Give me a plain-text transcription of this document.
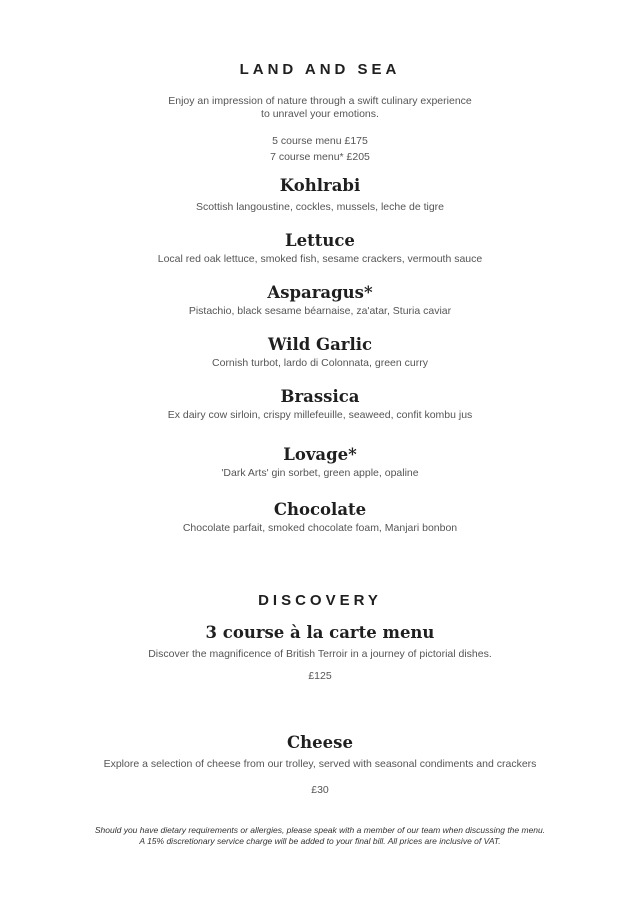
LAND AND SEA

Enjoy an impression of nature through a swift culinary experience

to unravel your emotions.

5 course menu £175

7 course menu* £205

Kohlrabi

Scottish langoustine, cockles, mussels, leche de tigre

Lettuce

Local red oak lettuce, smoked fish, sesame crackers, vermouth sauce

Asparagus*

Pistachio, black sesame béarnaise, za'atar, Sturia caviar

Wild Garlic

Cornish turbot, lardo di Colonnata, green curry

Brassica

Ex dairy cow sirloin, crispy millefeuille, seaweed, confit kombu jus

Lovage*

'Dark Arts' gin sorbet, green apple, opaline

Chocolate

Chocolate parfait, smoked chocolate foam, Manjari bonbon

DISCOVERY
3 course à la carte menu

Discover the magnificence of British Terroir in a journey of pictorial dishes.

£125

Cheese

Explore a selection of cheese from our trolley, served with seasonal condiments and crackers

£30

Should you have dietary requirements or allergies, please speak with a member of our team when discussing the menu.

A 15% discretionary service charge will be added to your final bill. All prices are inclusive of VAT.
